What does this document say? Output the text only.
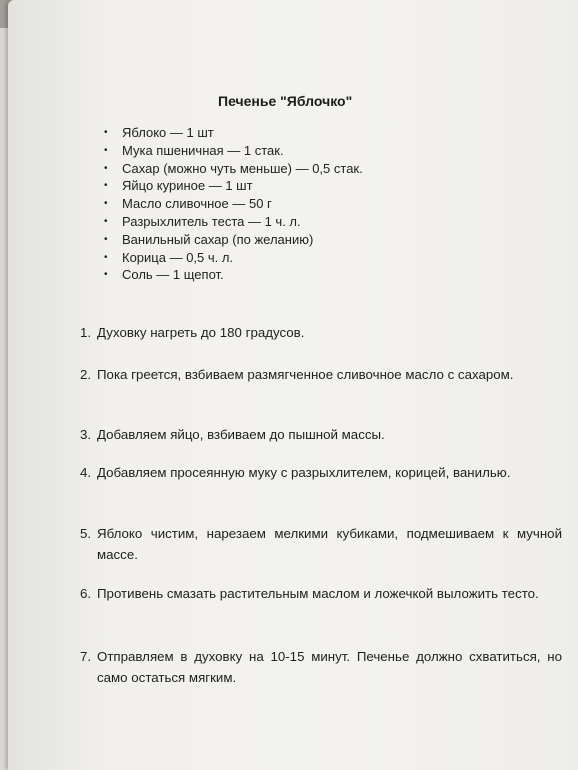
Печенье "Яблочко"
• Яблоко — 1 шт
• Мука пшеничная — 1 стак.
• Сахар (можно чуть меньше) — 0,5 стак.
• Яйцо куриное — 1 шт
• Масло сливочное — 50 г
• Разрыхлитель теста — 1 ч. л.
• Ванильный сахар (по желанию)
• Корица — 0,5 ч. л.
• Соль — 1 щепот.
1. Духовку нагреть до 180 градусов.
2. Пока греется, взбиваем размягченное сливочное масло с сахаром.
3. Добавляем яйцо, взбиваем до пышной массы.
4. Добавляем просеянную муку с разрыхлителем, корицей, ванилью.
5. Яблоко чистим, нарезаем мелкими кубиками, подмешиваем к мучной массе.
6. Противень смазать растительным маслом и ложечкой выложить тесто.
7. Отправляем в духовку на 10-15 минут. Печенье должно схватиться, но само остаться мягким.
